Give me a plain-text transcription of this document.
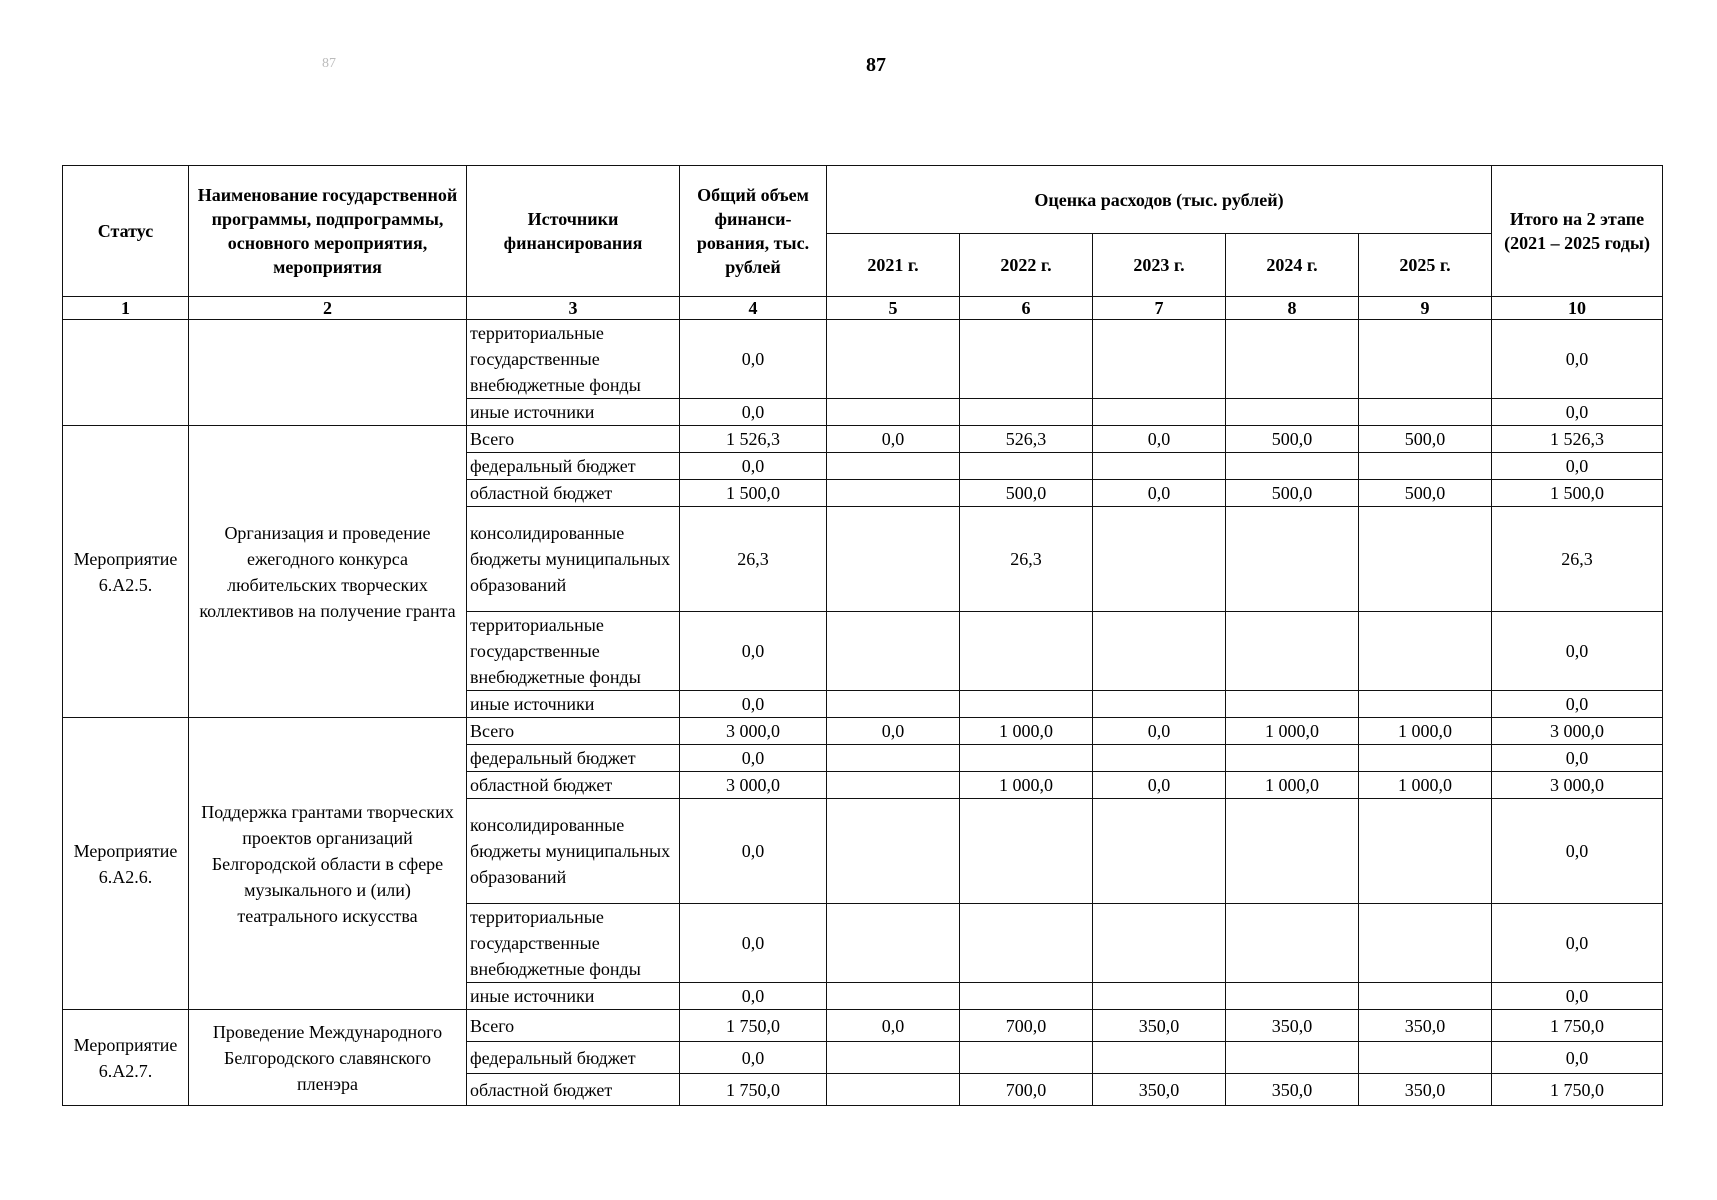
87	87
Статус	Наименование государственной программы, подпрограммы, основного мероприятия, мероприятия	Источники финансирования	Общий объем финанси- рования, тыс. рублей	Оценка расходов (тыс. рублей)					Итого на 2 этапе (2021 – 2025 годы)
				2021 г.	2022 г.	2023 г.	2024 г.	2025 г.	
1	2	3	4	5	6	7	8	9	10
		территориальные государственные внебюджетные фонды	0,0						0,0
		иные источники	0,0						0,0
Мероприятие 6.А2.5.	Организация и проведение ежегодного конкурса любительских творческих коллективов на получение гранта	Всего	1 526,3	0,0	526,3	0,0	500,0	500,0	1 526,3
		федеральный бюджет	0,0						0,0
		областной бюджет	1 500,0		500,0	0,0	500,0	500,0	1 500,0
		консолидированные бюджеты муниципальных образований	26,3		26,3				26,3
		территориальные государственные внебюджетные фонды	0,0						0,0
		иные источники	0,0						0,0
Мероприятие 6.А2.6.	Поддержка грантами творческих проектов организаций Белгородской области в сфере музыкального и (или) театрального искусства	Всего	3 000,0	0,0	1 000,0	0,0	1 000,0	1 000,0	3 000,0
		федеральный бюджет	0,0						0,0
		областной бюджет	3 000,0		1 000,0	0,0	1 000,0	1 000,0	3 000,0
		консолидированные бюджеты муниципальных образований	0,0						0,0
		территориальные государственные внебюджетные фонды	0,0						0,0
		иные источники	0,0						0,0
Мероприятие 6.А2.7.	Проведение Международного Белгородского славянского пленэра	Всего	1 750,0	0,0	700,0	350,0	350,0	350,0	1 750,0
		федеральный бюджет	0,0						0,0
		областной бюджет	1 750,0		700,0	350,0	350,0	350,0	1 750,0
